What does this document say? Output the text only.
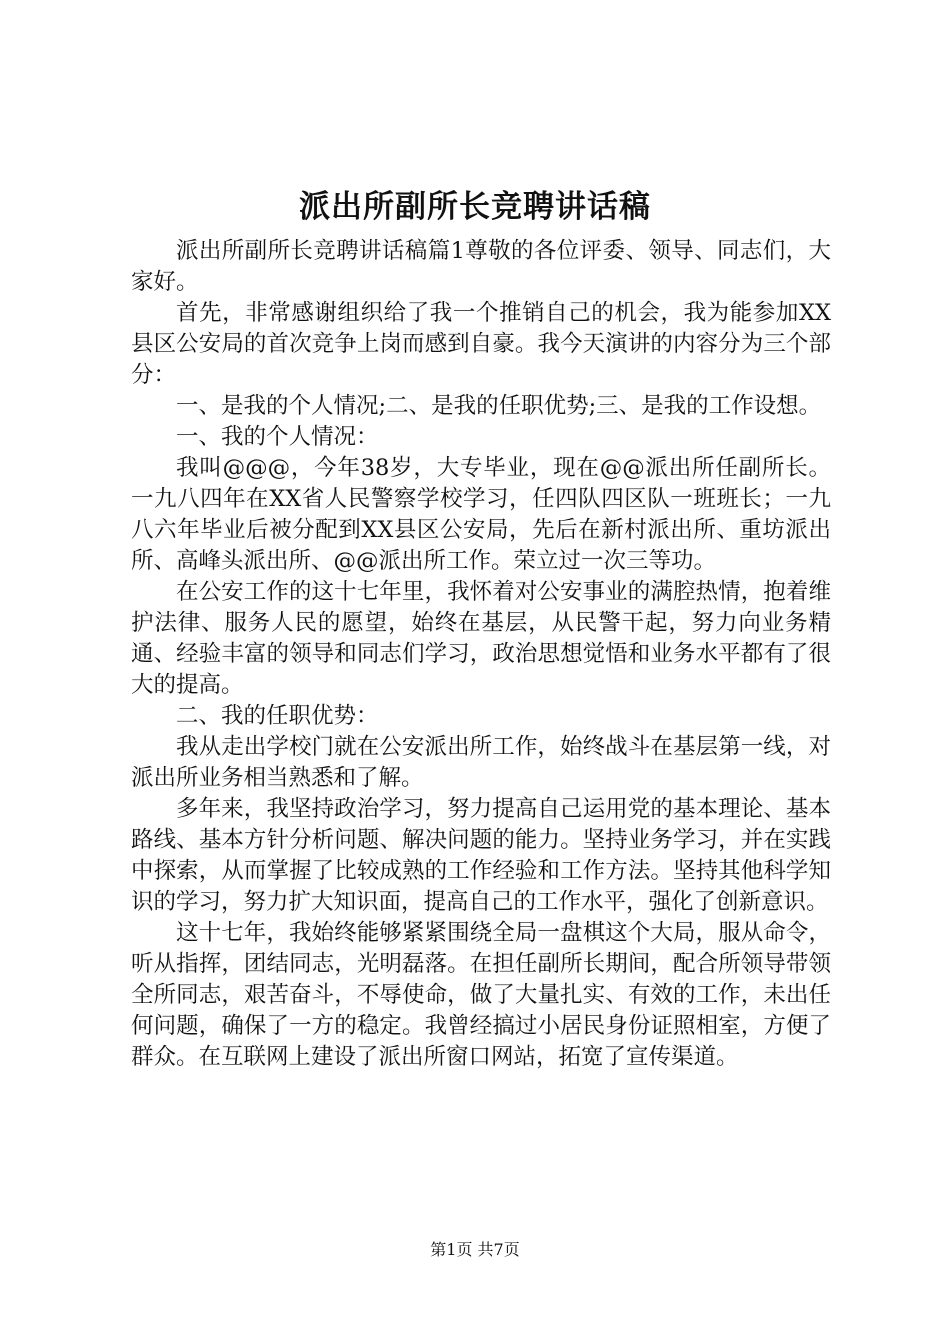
派出所副所长竞聘讲话稿

派出所副所长竞聘讲话稿篇1尊敬的各位评委、领导、同志们，大家好。

首先，非常感谢组织给了我一个推销自己的机会，我为能参加XX县区公安局的首次竞争上岗而感到自豪。我今天演讲的内容分为三个部分：

一、是我的个人情况;二、是我的任职优势;三、是我的工作设想。

一、我的个人情况：

我叫@@@，今年38岁，大专毕业，现在@@派出所任副所长。一九八四年在XX省人民警察学校学习，任四队四区队一班班长；一九八六年毕业后被分配到XX县区公安局，先后在新村派出所、重坊派出所、高峰头派出所、@@派出所工作。荣立过一次三等功。

在公安工作的这十七年里，我怀着对公安事业的满腔热情，抱着维护法律、服务人民的愿望，始终在基层，从民警干起，努力向业务精通、经验丰富的领导和同志们学习，政治思想觉悟和业务水平都有了很大的提高。

二、我的任职优势：

我从走出学校门就在公安派出所工作，始终战斗在基层第一线，对派出所业务相当熟悉和了解。

多年来，我坚持政治学习，努力提高自己运用党的基本理论、基本路线、基本方针分析问题、解决问题的能力。坚持业务学习，并在实践中探索，从而掌握了比较成熟的工作经验和工作方法。坚持其他科学知识的学习，努力扩大知识面，提高自己的工作水平，强化了创新意识。

这十七年，我始终能够紧紧围绕全局一盘棋这个大局，服从命令，听从指挥，团结同志，光明磊落。在担任副所长期间，配合所领导带领全所同志，艰苦奋斗，不辱使命，做了大量扎实、有效的工作，未出任何问题，确保了一方的稳定。我曾经搞过小居民身份证照相室，方便了群众。在互联网上建设了派出所窗口网站，拓宽了宣传渠道。

第1页 共7页
